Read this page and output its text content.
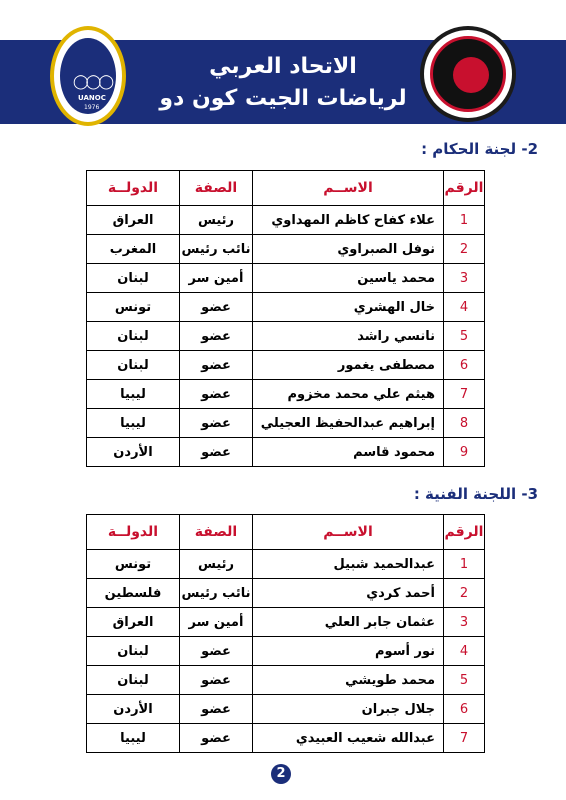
◯◯◯
UANOC
1976
الاتحاد العربي
لرياضات الجيت كون دو
2- لجنة الحكام :
الرقم	الاســم	الصفة	الدولــة
1	علاء كفاح كاظم المهداوي	رئيس	العراق
2	نوفل الصبراوي	نائب رئيس	المغرب
3	محمد ياسين	أمين سر	لبنان
4	خال الهشري	عضو	تونس
5	نانسي راشد	عضو	لبنان
6	مصطفى يغمور	عضو	لبنان
7	هيثم علي محمد مخزوم	عضو	ليبيا
8	إبراهيم عبدالحفيظ العجيلي	عضو	ليبيا
9	محمود قاسم	عضو	الأردن
3- اللجنة الفنية :
الرقم	الاســم	الصفة	الدولــة
1	عبدالحميد شبيل	رئيس	تونس
2	أحمد كردي	نائب رئيس	فلسطين
3	عثمان جابر العلي	أمين سر	العراق
4	نور أسوم	عضو	لبنان
5	محمد طويشي	عضو	لبنان
6	جلال جبران	عضو	الأردن
7	عبدالله شعيب العبيدي	عضو	ليبيا
2
